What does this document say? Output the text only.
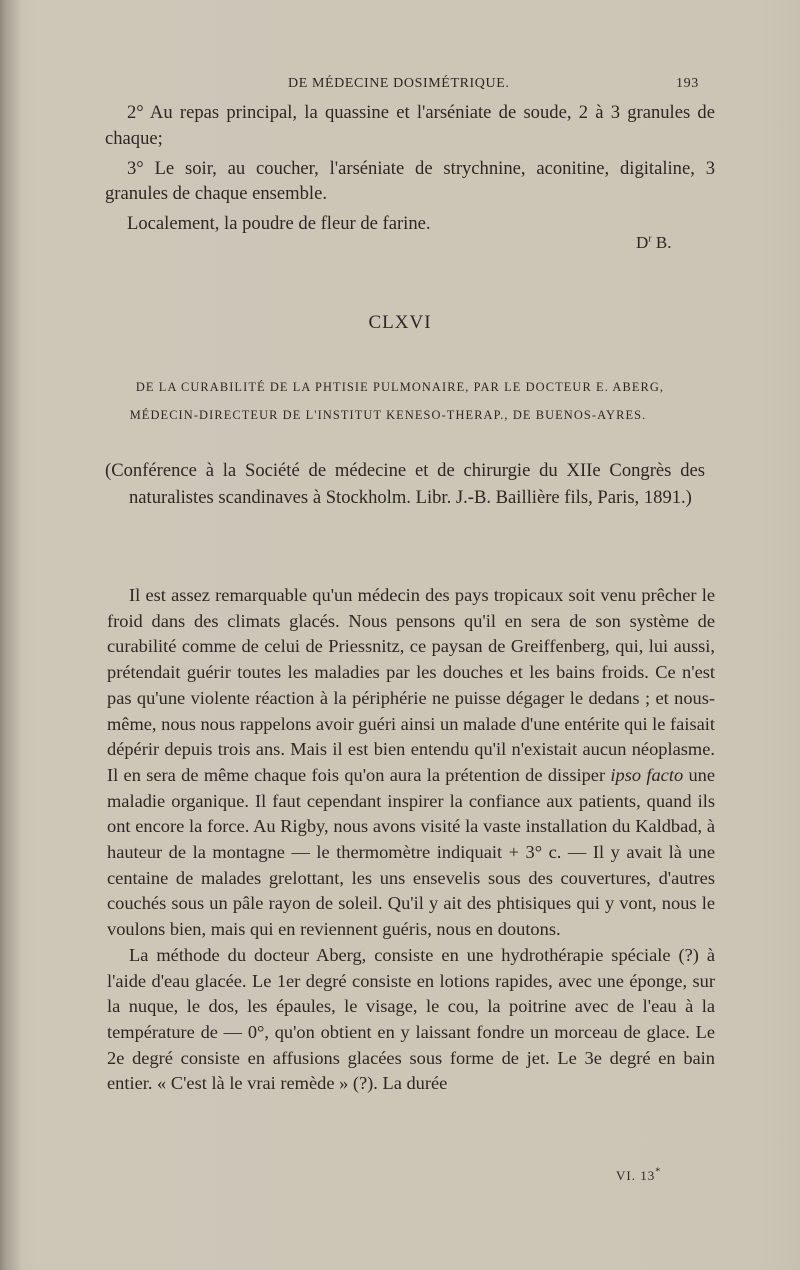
DE MÉDECINE DOSIMÉTRIQUE.	193

2° Au repas principal, la quassine et l'arséniate de soude, 2 à 3 granules de chaque;

3° Le soir, au coucher, l'arséniate de strychnine, aconitine, digitaline, 3 granules de chaque ensemble.

Localement, la poudre de fleur de farine.

$D^r$ B.
CLXVI
DE LA CURABILITÉ DE LA PHTISIE PULMONAIRE, PAR LE DOCTEUR E. ABERG,
MÉDECIN-DIRECTEUR DE L'INSTITUT KENESO-THERAP., DE BUENOS-AYRES.

(Conférence à la Société de médecine et de chirurgie du XIIe Congrès des naturalistes scandinaves à Stockholm. Libr. J.-B. Baillière fils, Paris, 1891.)

Il est assez remarquable qu'un médecin des pays tropicaux soit venu prêcher le froid dans des climats glacés. Nous pensons qu'il en sera de son système de curabilité comme de celui de Priessnitz, ce paysan de Greiffenberg, qui, lui aussi, prétendait guérir toutes les maladies par les douches et les bains froids. Ce n'est pas qu'une violente réaction à la périphérie ne puisse dégager le dedans ; et nous-même, nous nous rappelons avoir guéri ainsi un malade d'une entérite qui le faisait dépérir depuis trois ans. Mais il est bien entendu qu'il n'existait aucun néoplasme. Il en sera de même chaque fois qu'on aura la prétention de dissiper ipso facto une maladie organique. Il faut cependant inspirer la confiance aux patients, quand ils ont encore la force. Au Rigby, nous avons visité la vaste installation du Kaldbad, à hauteur de la montagne — le thermomètre indiquait + 3° c. — Il y avait là une centaine de malades grelottant, les uns ensevelis sous des couvertures, d'autres couchés sous un pâle rayon de soleil. Qu'il y ait des phtisiques qui y vont, nous le voulons bien, mais qui en reviennent guéris, nous en doutons.

La méthode du docteur Aberg, consiste en une hydrothérapie spéciale (?) à l'aide d'eau glacée. Le 1er degré consiste en lotions rapides, avec une éponge, sur la nuque, le dos, les épaules, le visage, le cou, la poitrine avec de l'eau à la température de — 0°, qu'on obtient en y laissant fondre un morceau de glace. Le 2e degré consiste en affusions glacées sous forme de jet. Le 3e degré en bain entier. « C'est là le vrai remède » (?). La durée

VI. 13*
